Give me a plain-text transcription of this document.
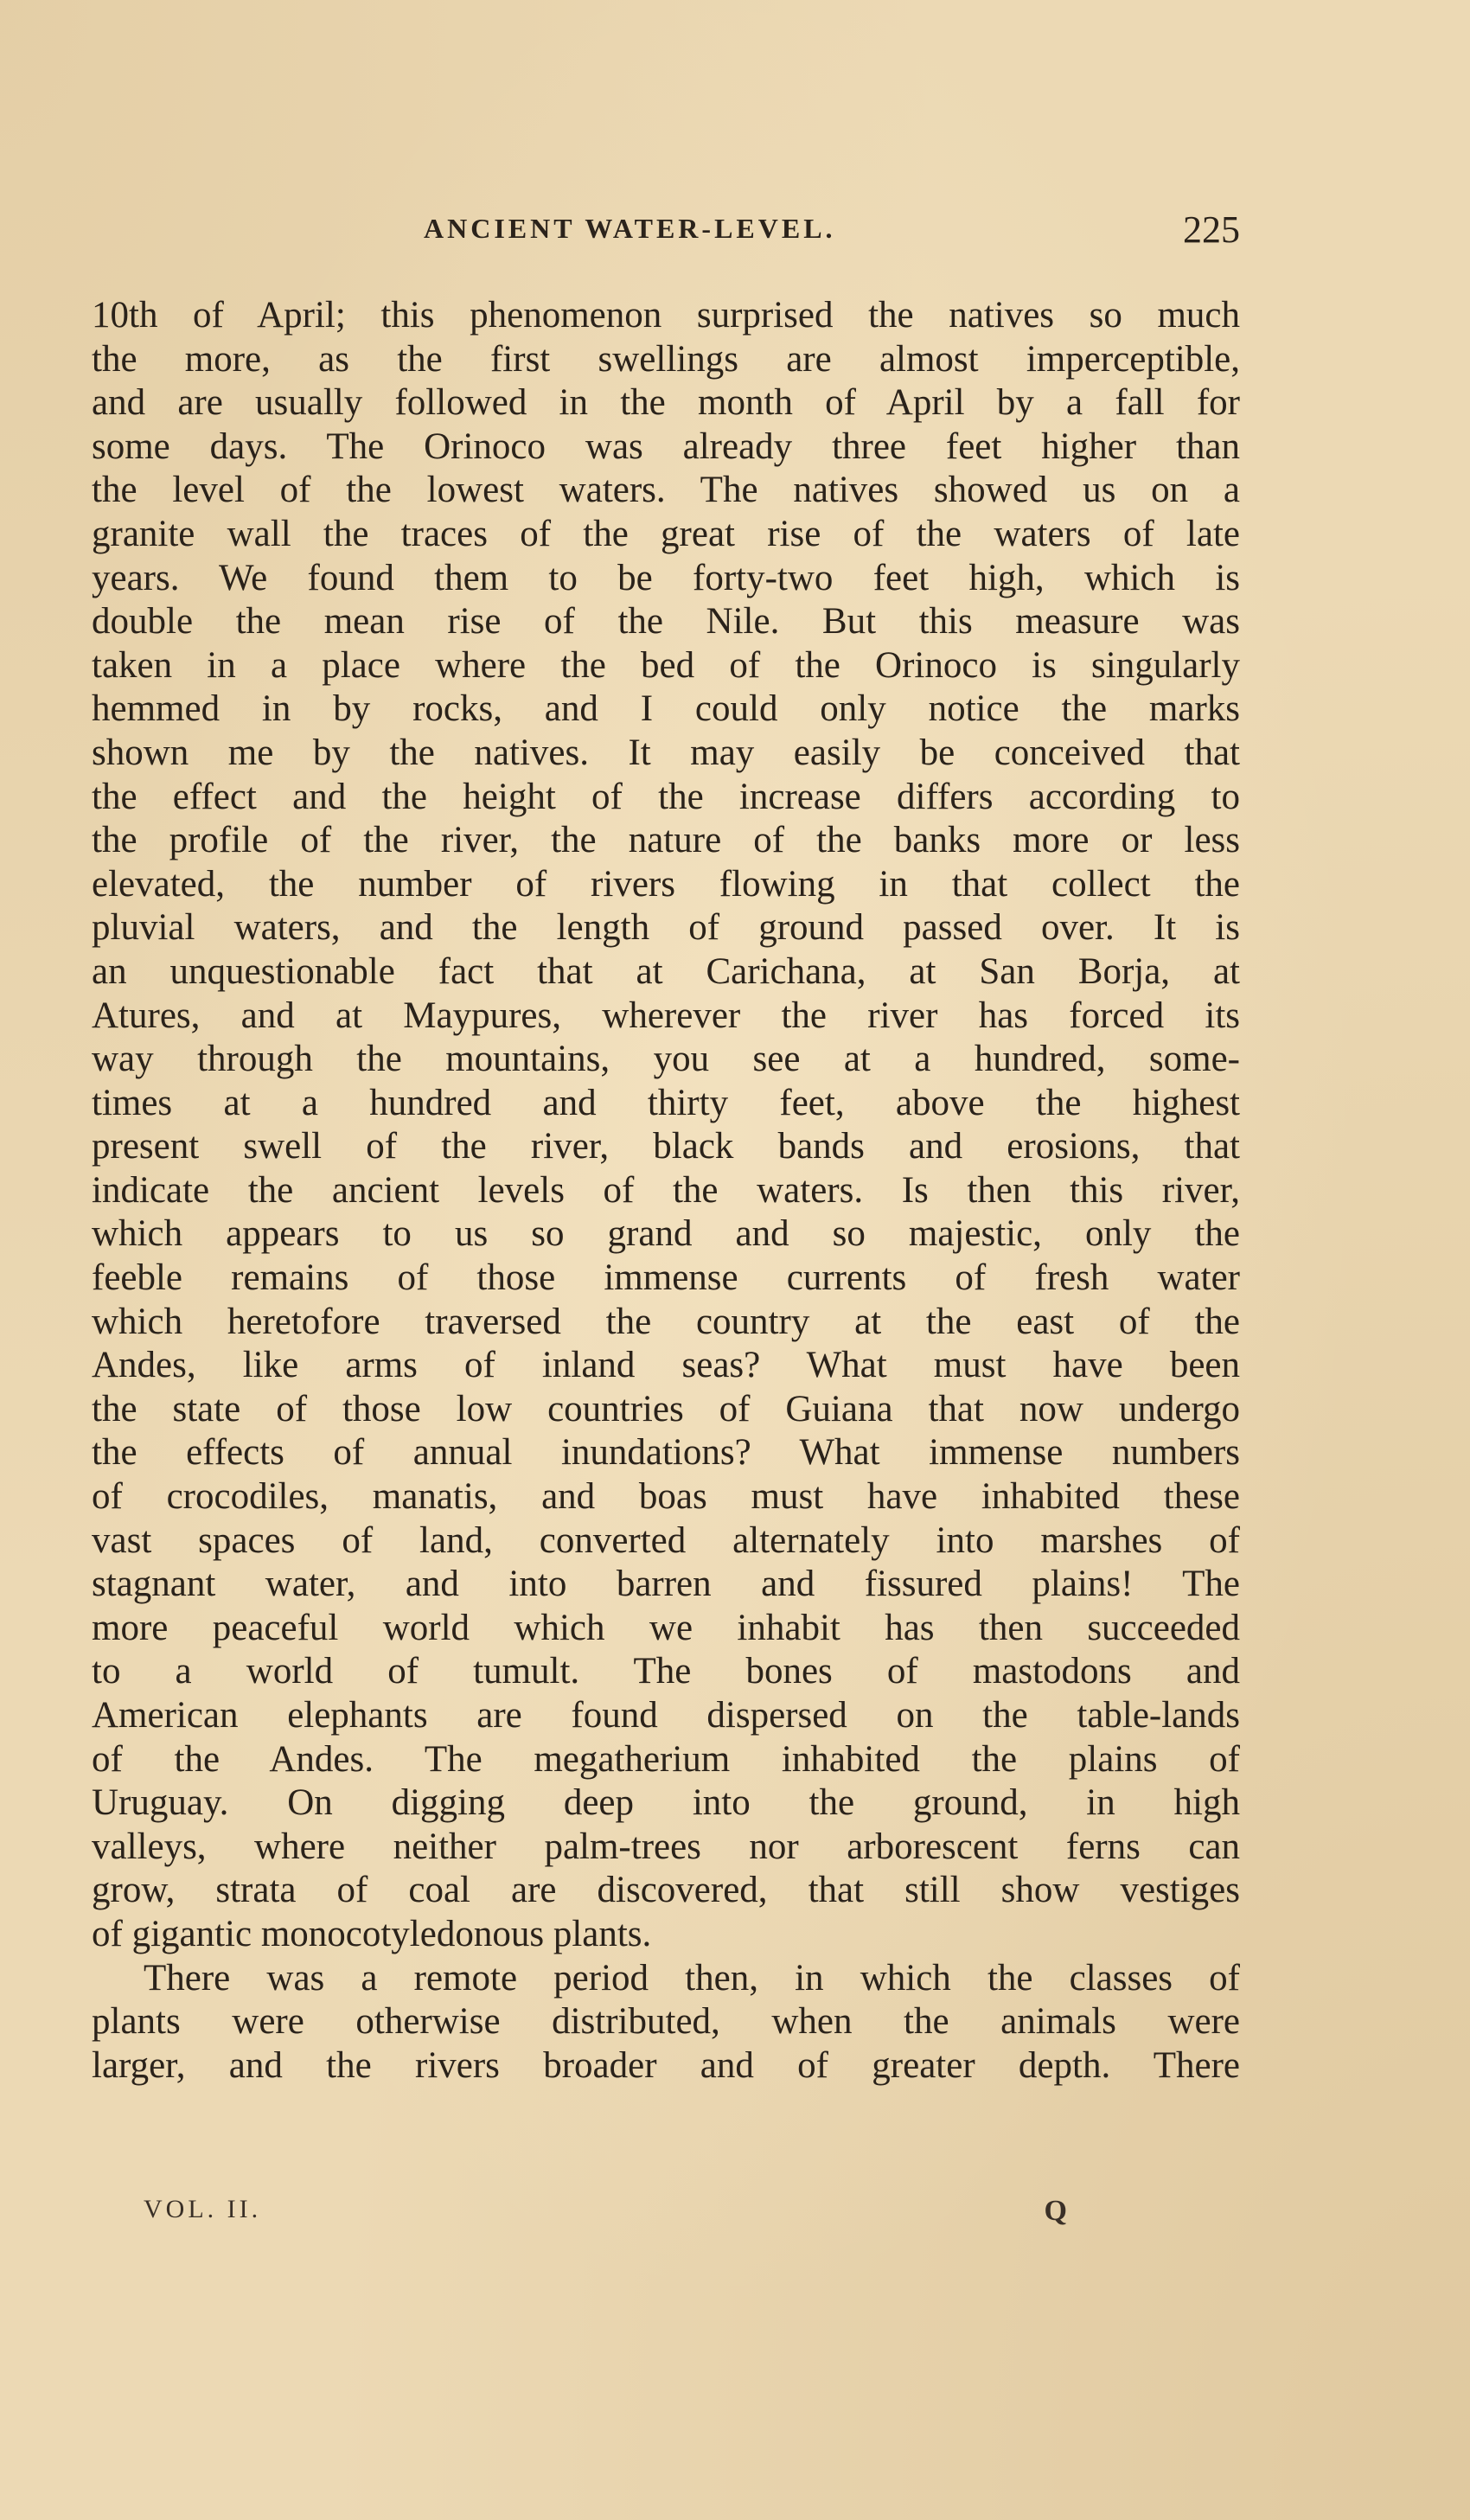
ANCIENT WATER-LEVEL.	225
10th of April; this phenomenon surprised the natives so much
the more, as the first swellings are almost imperceptible,
and are usually followed in the month of April by a fall for
some days. The Orinoco was already three feet higher than
the level of the lowest waters. The natives showed us on a
granite wall the traces of the great rise of the waters of late
years. We found them to be forty-two feet high, which is
double the mean rise of the Nile. But this measure was
taken in a place where the bed of the Orinoco is singularly
hemmed in by rocks, and I could only notice the marks
shown me by the natives. It may easily be conceived that
the effect and the height of the increase differs according to
the profile of the river, the nature of the banks more or less
elevated, the number of rivers flowing in that collect the
pluvial waters, and the length of ground passed over. It is
an unquestionable fact that at Carichana, at San Borja, at
Atures, and at Maypures, wherever the river has forced its
way through the mountains, you see at a hundred, some-
times at a hundred and thirty feet, above the highest
present swell of the river, black bands and erosions, that
indicate the ancient levels of the waters. Is then this river,
which appears to us so grand and so majestic, only the
feeble remains of those immense currents of fresh water
which heretofore traversed the country at the east of the
Andes, like arms of inland seas? What must have been
the state of those low countries of Guiana that now undergo
the effects of annual inundations? What immense numbers
of crocodiles, manatis, and boas must have inhabited these
vast spaces of land, converted alternately into marshes of
stagnant water, and into barren and fissured plains! The
more peaceful world which we inhabit has then succeeded
to a world of tumult. The bones of mastodons and
American elephants are found dispersed on the table-lands
of the Andes. The megatherium inhabited the plains of
Uruguay. On digging deep into the ground, in high
valleys, where neither palm-trees nor arborescent ferns can
grow, strata of coal are discovered, that still show vestiges
of gigantic monocotyledonous plants.
There was a remote period then, in which the classes of
plants were otherwise distributed, when the animals were
larger, and the rivers broader and of greater depth. There
VOL. II.	Q
